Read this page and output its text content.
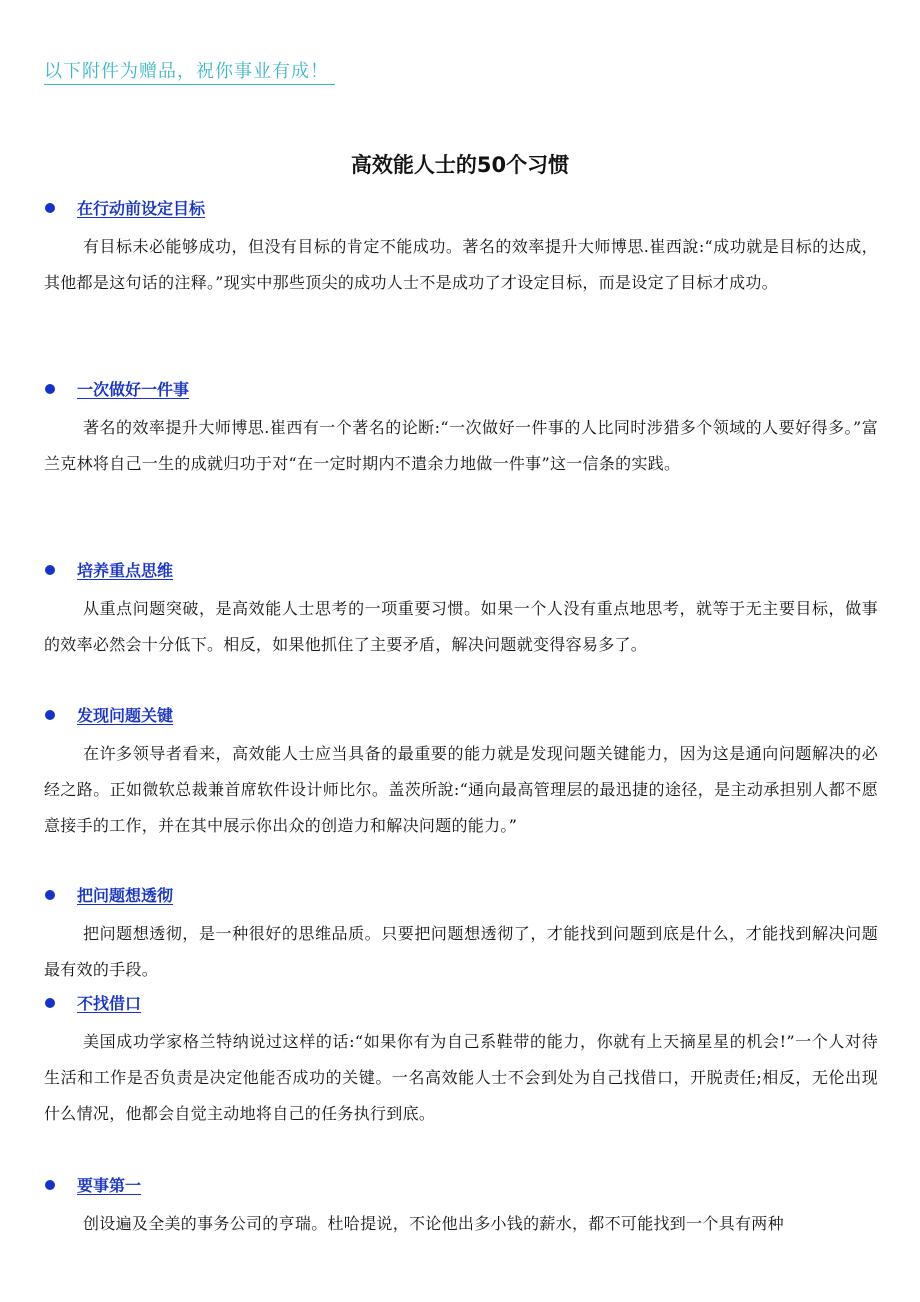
以下附件为赠品，祝你事业有成！
高效能人士的50个习惯
在行动前设定目标
有目标未必能够成功，但没有目标的肯定不能成功。著名的效率提升大师博思.崔西說:“成功就是目标的达成，其他都是这句话的注释。”现实中那些顶尖的成功人士不是成功了才设定目标，而是设定了目标才成功。
一次做好一件事
著名的效率提升大师博思.崔西有一个著名的论断:“一次做好一件事的人比同时涉猎多个领域的人要好得多。”富兰克林将自己一生的成就归功于对“在一定时期内不遣余力地做一件事”这一信条的实践。
培养重点思维
从重点问题突破，是高效能人士思考的一项重要习惯。如果一个人没有重点地思考，就等于无主要目标，做事的效率必然会十分低下。相反，如果他抓住了主要矛盾，解决问题就变得容易多了。
发现问题关键
在许多领导者看来，高效能人士应当具备的最重要的能力就是发现问题关键能力，因为这是通向问题解决的必经之路。正如微软总裁兼首席软件设计师比尔。盖茨所說:“通向最高管理层的最迅捷的途径，是主动承担别人都不愿意接手的工作，并在其中展示你出众的创造力和解决问题的能力。”
把问题想透彻
把问题想透彻，是一种很好的思维品质。只要把问题想透彻了，才能找到问题到底是什么，才能找到解决问题最有效的手段。
不找借口
美国成功学家格兰特纳说过这样的话:“如果你有为自己系鞋带的能力，你就有上天摘星星的机会!”一个人对待生活和工作是否负责是决定他能否成功的关键。一名高效能人士不会到处为自己找借口，开脱责任;相反，无伦出现什么情况，他都会自觉主动地将自己的任务执行到底。
要事第一
创设遍及全美的事务公司的亨瑞。杜哈提说，不论他出多小钱的薪水，都不可能找到一个具有两种
